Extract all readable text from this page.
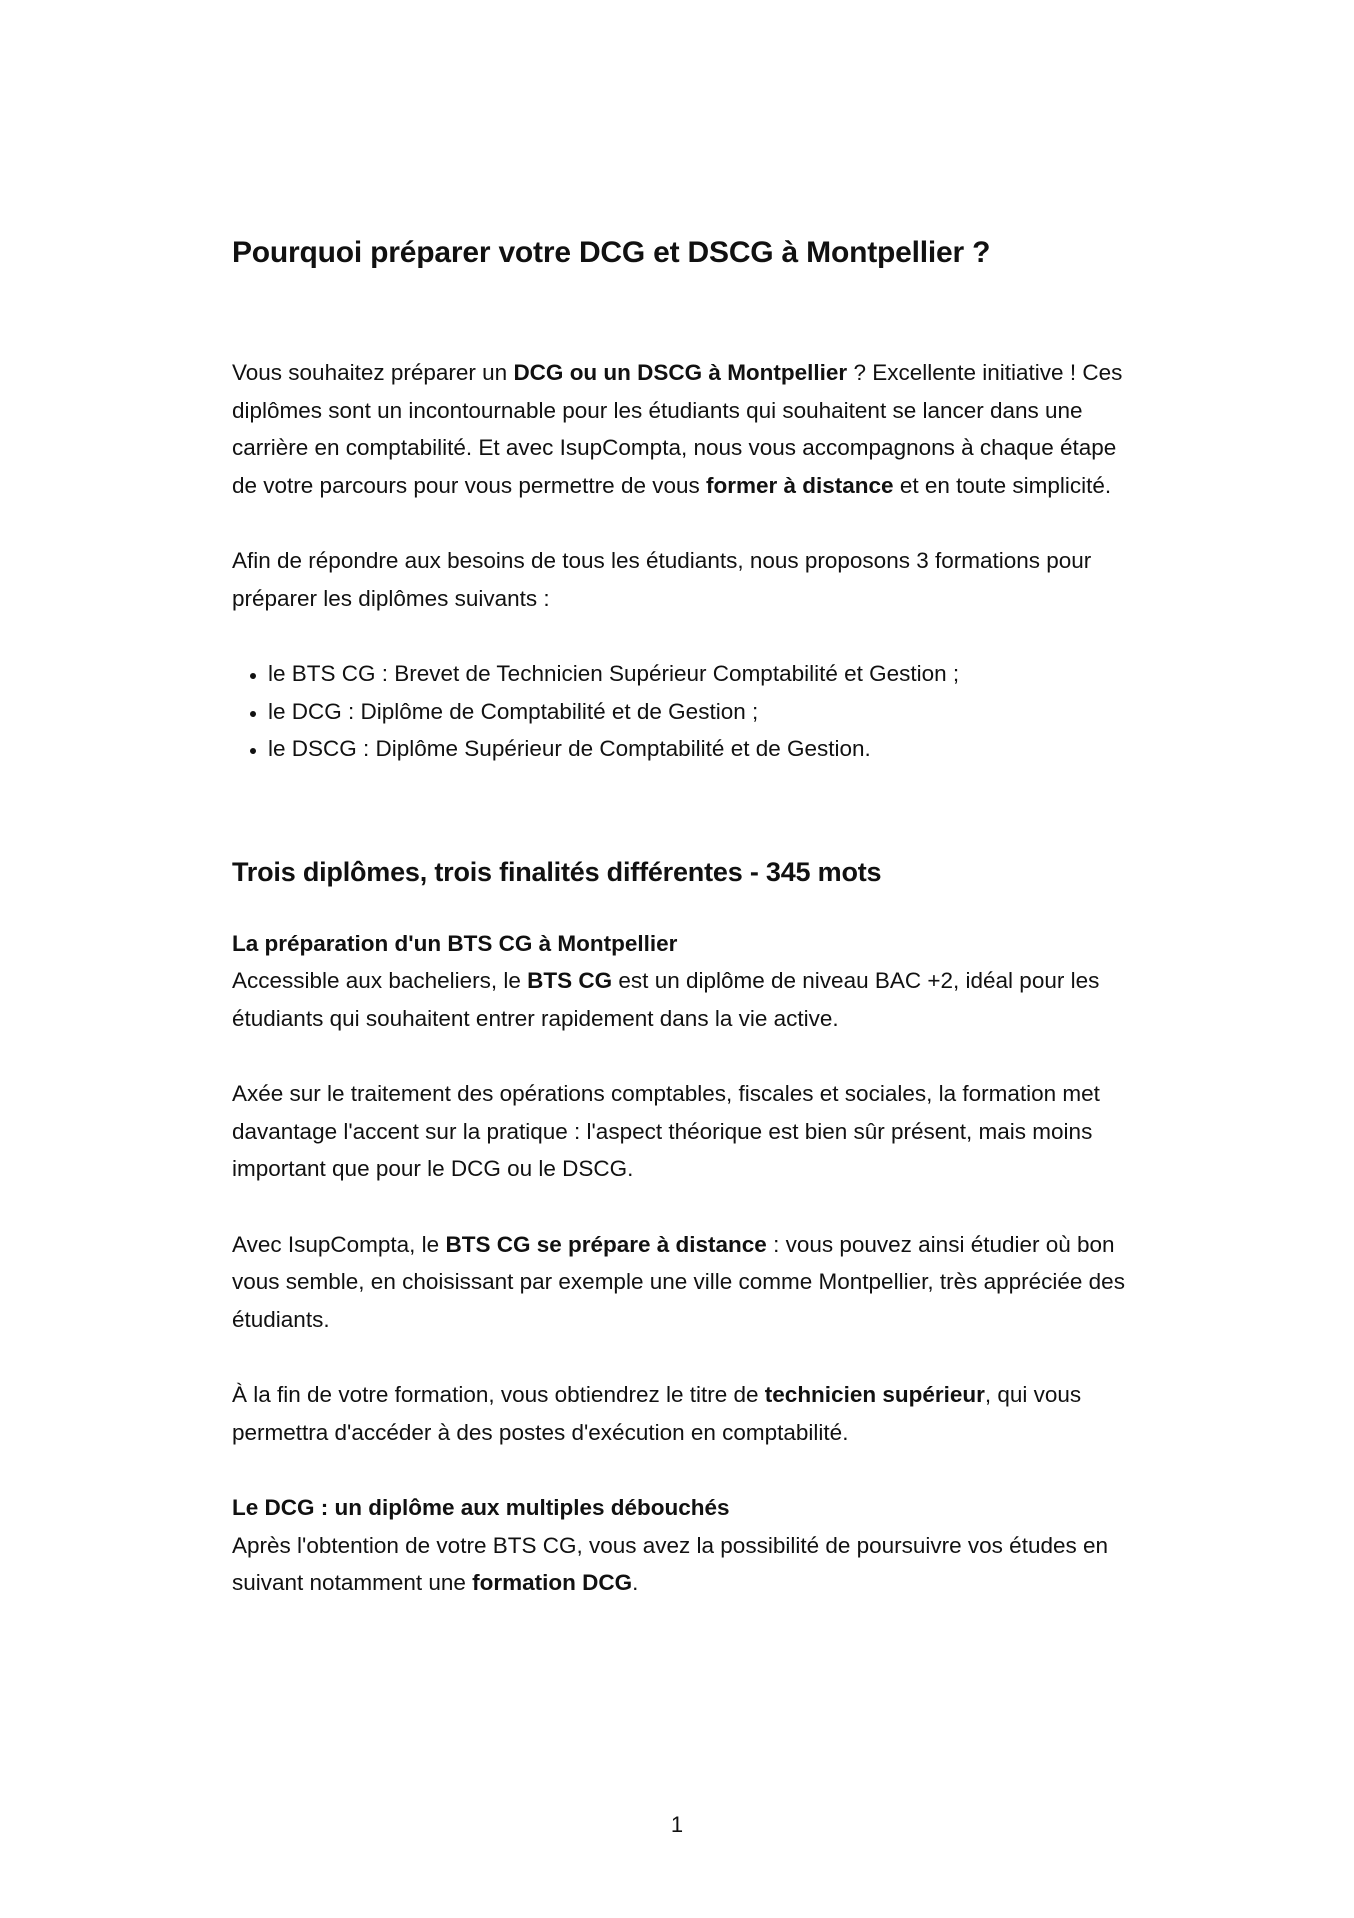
Pourquoi préparer votre DCG et DSCG à Montpellier ?

Vous souhaitez préparer un DCG ou un DSCG à Montpellier ? Excellente initiative ! Ces diplômes sont un incontournable pour les étudiants qui souhaitent se lancer dans une carrière en comptabilité. Et avec IsupCompta, nous vous accompagnons à chaque étape de votre parcours pour vous permettre de vous former à distance et en toute simplicité.

Afin de répondre aux besoins de tous les étudiants, nous proposons 3 formations pour préparer les diplômes suivants :

• le BTS CG : Brevet de Technicien Supérieur Comptabilité et Gestion ;
• le DCG : Diplôme de Comptabilité et de Gestion ;
• le DSCG : Diplôme Supérieur de Comptabilité et de Gestion.
Trois diplômes, trois finalités différentes - 345 mots
La préparation d'un BTS CG à Montpellier

Accessible aux bacheliers, le BTS CG est un diplôme de niveau BAC +2, idéal pour les étudiants qui souhaitent entrer rapidement dans la vie active.

Axée sur le traitement des opérations comptables, fiscales et sociales, la formation met davantage l'accent sur la pratique : l'aspect théorique est bien sûr présent, mais moins important que pour le DCG ou le DSCG.

Avec IsupCompta, le BTS CG se prépare à distance : vous pouvez ainsi étudier où bon vous semble, en choisissant par exemple une ville comme Montpellier, très appréciée des étudiants.

À la fin de votre formation, vous obtiendrez le titre de technicien supérieur, qui vous permettra d'accéder à des postes d'exécution en comptabilité.

Le DCG : un diplôme aux multiples débouchés

Après l'obtention de votre BTS CG, vous avez la possibilité de poursuivre vos études en suivant notamment une formation DCG.

1
